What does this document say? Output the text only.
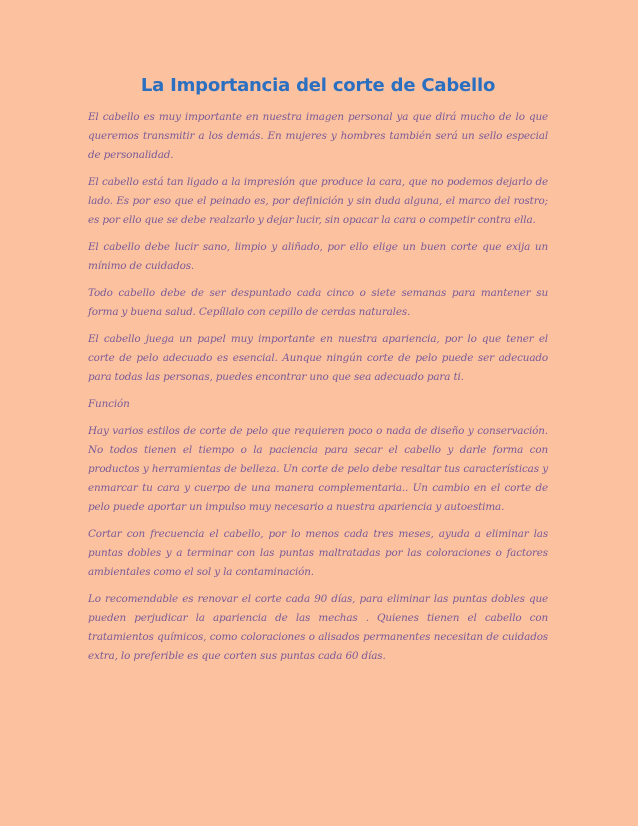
La Importancia del corte de Cabello

El cabello es muy importante en nuestra imagen personal ya que dirá mucho de lo que queremos transmitir a los demás. En mujeres y hombres también será un sello especial de personalidad.

El cabello está tan ligado a la impresión que produce la cara, que no podemos dejarlo de lado. Es por eso que el peinado es, por definición y sin duda alguna, el marco del rostro; es por ello que se debe realzarlo y dejar lucir, sin opacar la cara o competir contra ella.

El cabello debe lucir sano, limpio y aliñado, por ello elige un buen corte que exija un mínimo de cuidados.

Todo cabello debe de ser despuntado cada cinco o siete semanas para mantener su forma y buena salud. Cepíllalo con cepillo de cerdas naturales.

El cabello juega un papel muy importante en nuestra apariencia, por lo que tener el corte de pelo adecuado es esencial. Aunque ningún corte de pelo puede ser adecuado para todas las personas, puedes encontrar uno que sea adecuado para ti.

Función

Hay varios estilos de corte de pelo que requieren poco o nada de diseño y conservación. No todos tienen el tiempo o la paciencia para secar el cabello y darle forma con productos y herramientas de belleza. Un corte de pelo debe resaltar tus características y enmarcar tu cara y cuerpo de una manera complementaria.. Un cambio en el corte de pelo puede aportar un impulso muy necesario a nuestra apariencia y autoestima.

Cortar con frecuencia el cabello, por lo menos cada tres meses, ayuda a eliminar las puntas dobles y a terminar con las puntas maltratadas por las coloraciones o factores ambientales como el sol y la contaminación.

Lo recomendable es renovar el corte cada 90 días, para eliminar las puntas dobles que pueden perjudicar la apariencia de las mechas . Quienes tienen el cabello con tratamientos químicos, como coloraciones o alisados permanentes necesitan de cuidados extra, lo preferible es que corten sus puntas cada 60 días.
